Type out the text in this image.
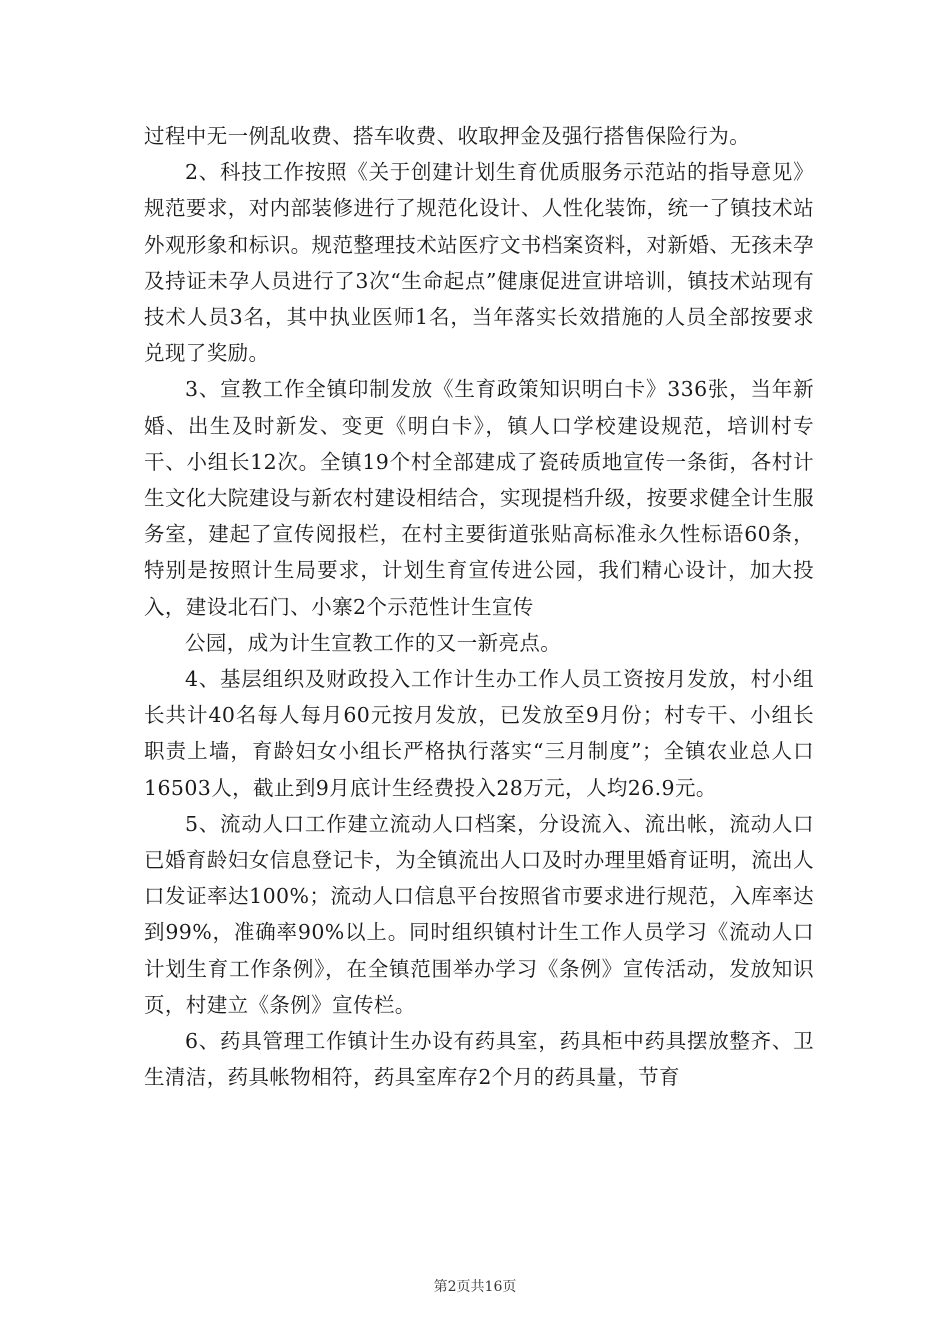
过程中无一例乱收费、搭车收费、收取押金及强行搭售保险行为。

2、科技工作按照《关于创建计划生育优质服务示范站的指导意见》规范要求，对内部装修进行了规范化设计、人性化装饰，统一了镇技术站外观形象和标识。规范整理技术站医疗文书档案资料，对新婚、无孩未孕及持证未孕人员进行了3次“生命起点”健康促进宣讲培训，镇技术站现有技术人员3名，其中执业医师1名，当年落实长效措施的人员全部按要求兑现了奖励。

3、宣教工作全镇印制发放《生育政策知识明白卡》336张，当年新婚、出生及时新发、变更《明白卡》，镇人口学校建设规范，培训村专干、小组长12次。全镇19个村全部建成了瓷砖质地宣传一条街，各村计生文化大院建设与新农村建设相结合，实现提档升级，按要求健全计生服务室，建起了宣传阅报栏，在村主要街道张贴高标准永久性标语60条，特别是按照计生局要求，计划生育宣传进公园，我们精心设计，加大投入，建设北石门、小寨2个示范性计生宣传

公园，成为计生宣教工作的又一新亮点。

4、基层组织及财政投入工作计生办工作人员工资按月发放，村小组长共计40名每人每月60元按月发放，已发放至9月份；村专干、小组长职责上墙，育龄妇女小组长严格执行落实“三月制度”；全镇农业总人口16503人，截止到9月底计生经费投入28万元，人均26.9元。

5、流动人口工作建立流动人口档案，分设流入、流出帐，流动人口已婚育龄妇女信息登记卡，为全镇流出人口及时办理里婚育证明，流出人口发证率达100%；流动人口信息平台按照省市要求进行规范，入库率达到99%，准确率90%以上。同时组织镇村计生工作人员学习《流动人口计划生育工作条例》，在全镇范围举办学习《条例》宣传活动，发放知识页，村建立《条例》宣传栏。

6、药具管理工作镇计生办设有药具室，药具柜中药具摆放整齐、卫生清洁，药具帐物相符，药具室库存2个月的药具量，节育

第2页共16页
